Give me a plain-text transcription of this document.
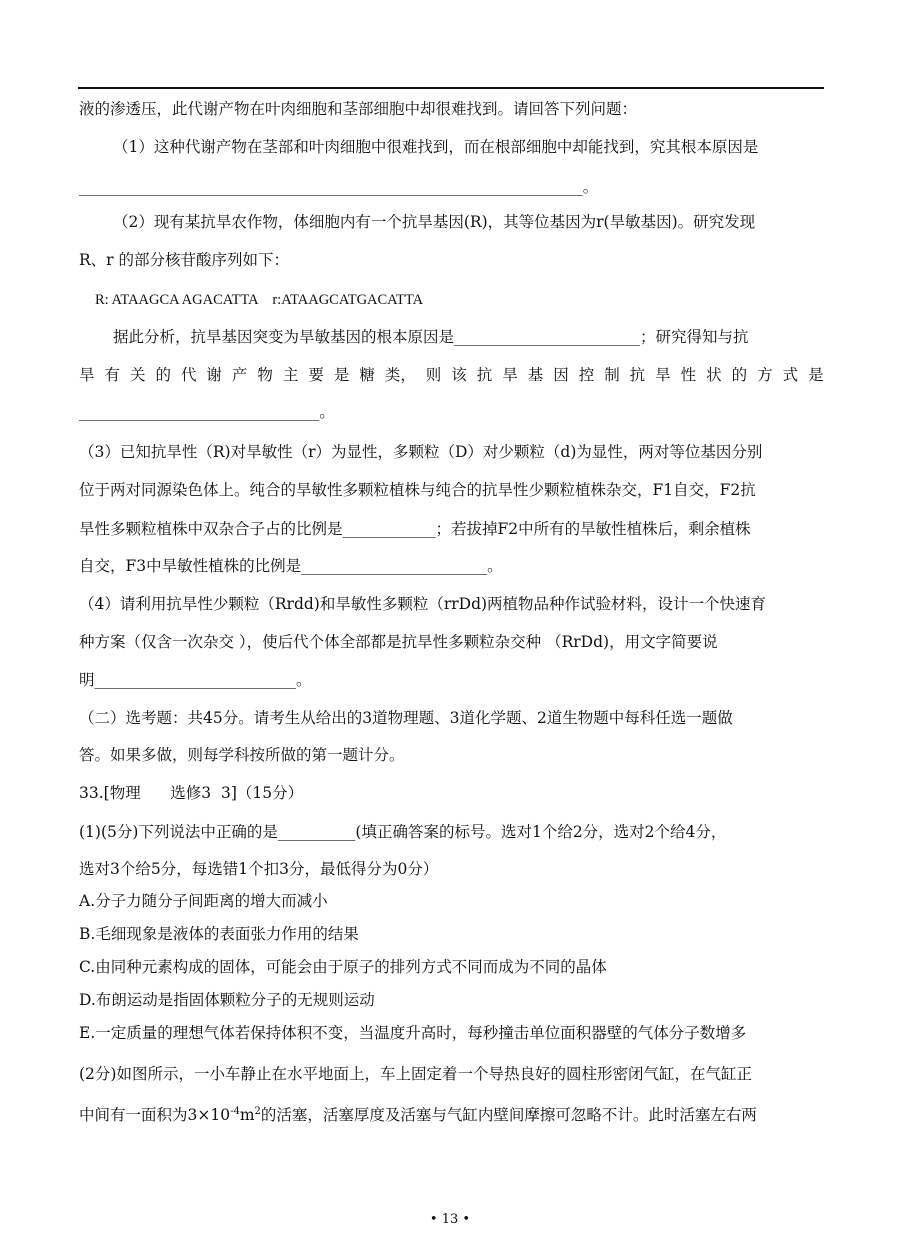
液的渗透压，此代谢产物在叶肉细胞和茎部细胞中却很难找到。请回答下列问题：
（1）这种代谢产物在茎部和叶肉细胞中很难找到，而在根部细胞中却能找到，究其根本原因是
_________________________________________________________________。
（2）现有某抗旱农作物，体细胞内有一个抗旱基因(R)，其等位基因为r(旱敏基因)。研究发现
R、r 的部分核苷酸序列如下：
R: ATAAGCA AGACATTA    r:ATAAGCATGACATTA
据此分析，抗旱基因突变为旱敏基因的根本原因是________________________；研究得知与抗
旱 有 关 的 代 谢 产 物 主 要 是 糖 类， 则 该 抗 旱 基 因 控 制 抗 旱 性 状 的 方 式 是
_______________________________。
（3）已知抗旱性（R)对旱敏性（r）为显性，多颗粒（D）对少颗粒（d)为显性，两对等位基因分别
位于两对同源染色体上。纯合的旱敏性多颗粒植株与纯合的抗旱性少颗粒植株杂交，F1自交，F2抗
旱性多颗粒植株中双杂合子占的比例是____________；若拔掉F2中所有的旱敏性植株后，剩余植株
自交，F3中旱敏性植株的比例是________________________。
（4）请利用抗旱性少颗粒（Rrdd)和旱敏性多颗粒（rrDd)两植物品种作试验材料，设计一个快速育
种方案（仅含一次杂交 ），使后代个体全部都是抗旱性多颗粒杂交种 （RrDd)，用文字简要说
明__________________________。
（二）选考题：共45分。请考生从给出的3道物理题、3道化学题、2道生物题中每科任选一题做
答。如果多做，则每学科按所做的第一题计分。
33.[物理      选修3  3]（15分）
(1)(5分)下列说法中正确的是__________(填正确答案的标号。选对1个给2分，选对2个给4分，
选对3个给5分，每选错1个扣3分，最低得分为0分）
A.分子力随分子间距离的增大而减小
B.毛细现象是液体的表面张力作用的结果
C.由同种元素构成的固体，可能会由于原子的排列方式不同而成为不同的晶体
D.布朗运动是指固体颗粒分子的无规则运动
E.一定质量的理想气体若保持体积不变，当温度升高时，每秒撞击单位面积器壁的气体分子数增多
(2分)如图所示，一小车静止在水平地面上，车上固定着一个导热良好的圆柱形密闭气缸，在气缸正
中间有一面积为$3\times 10^{-4}m^2$的活塞，活塞厚度及活塞与气缸内壁间摩擦可忽略不计。此时活塞左右两
• 13 •
